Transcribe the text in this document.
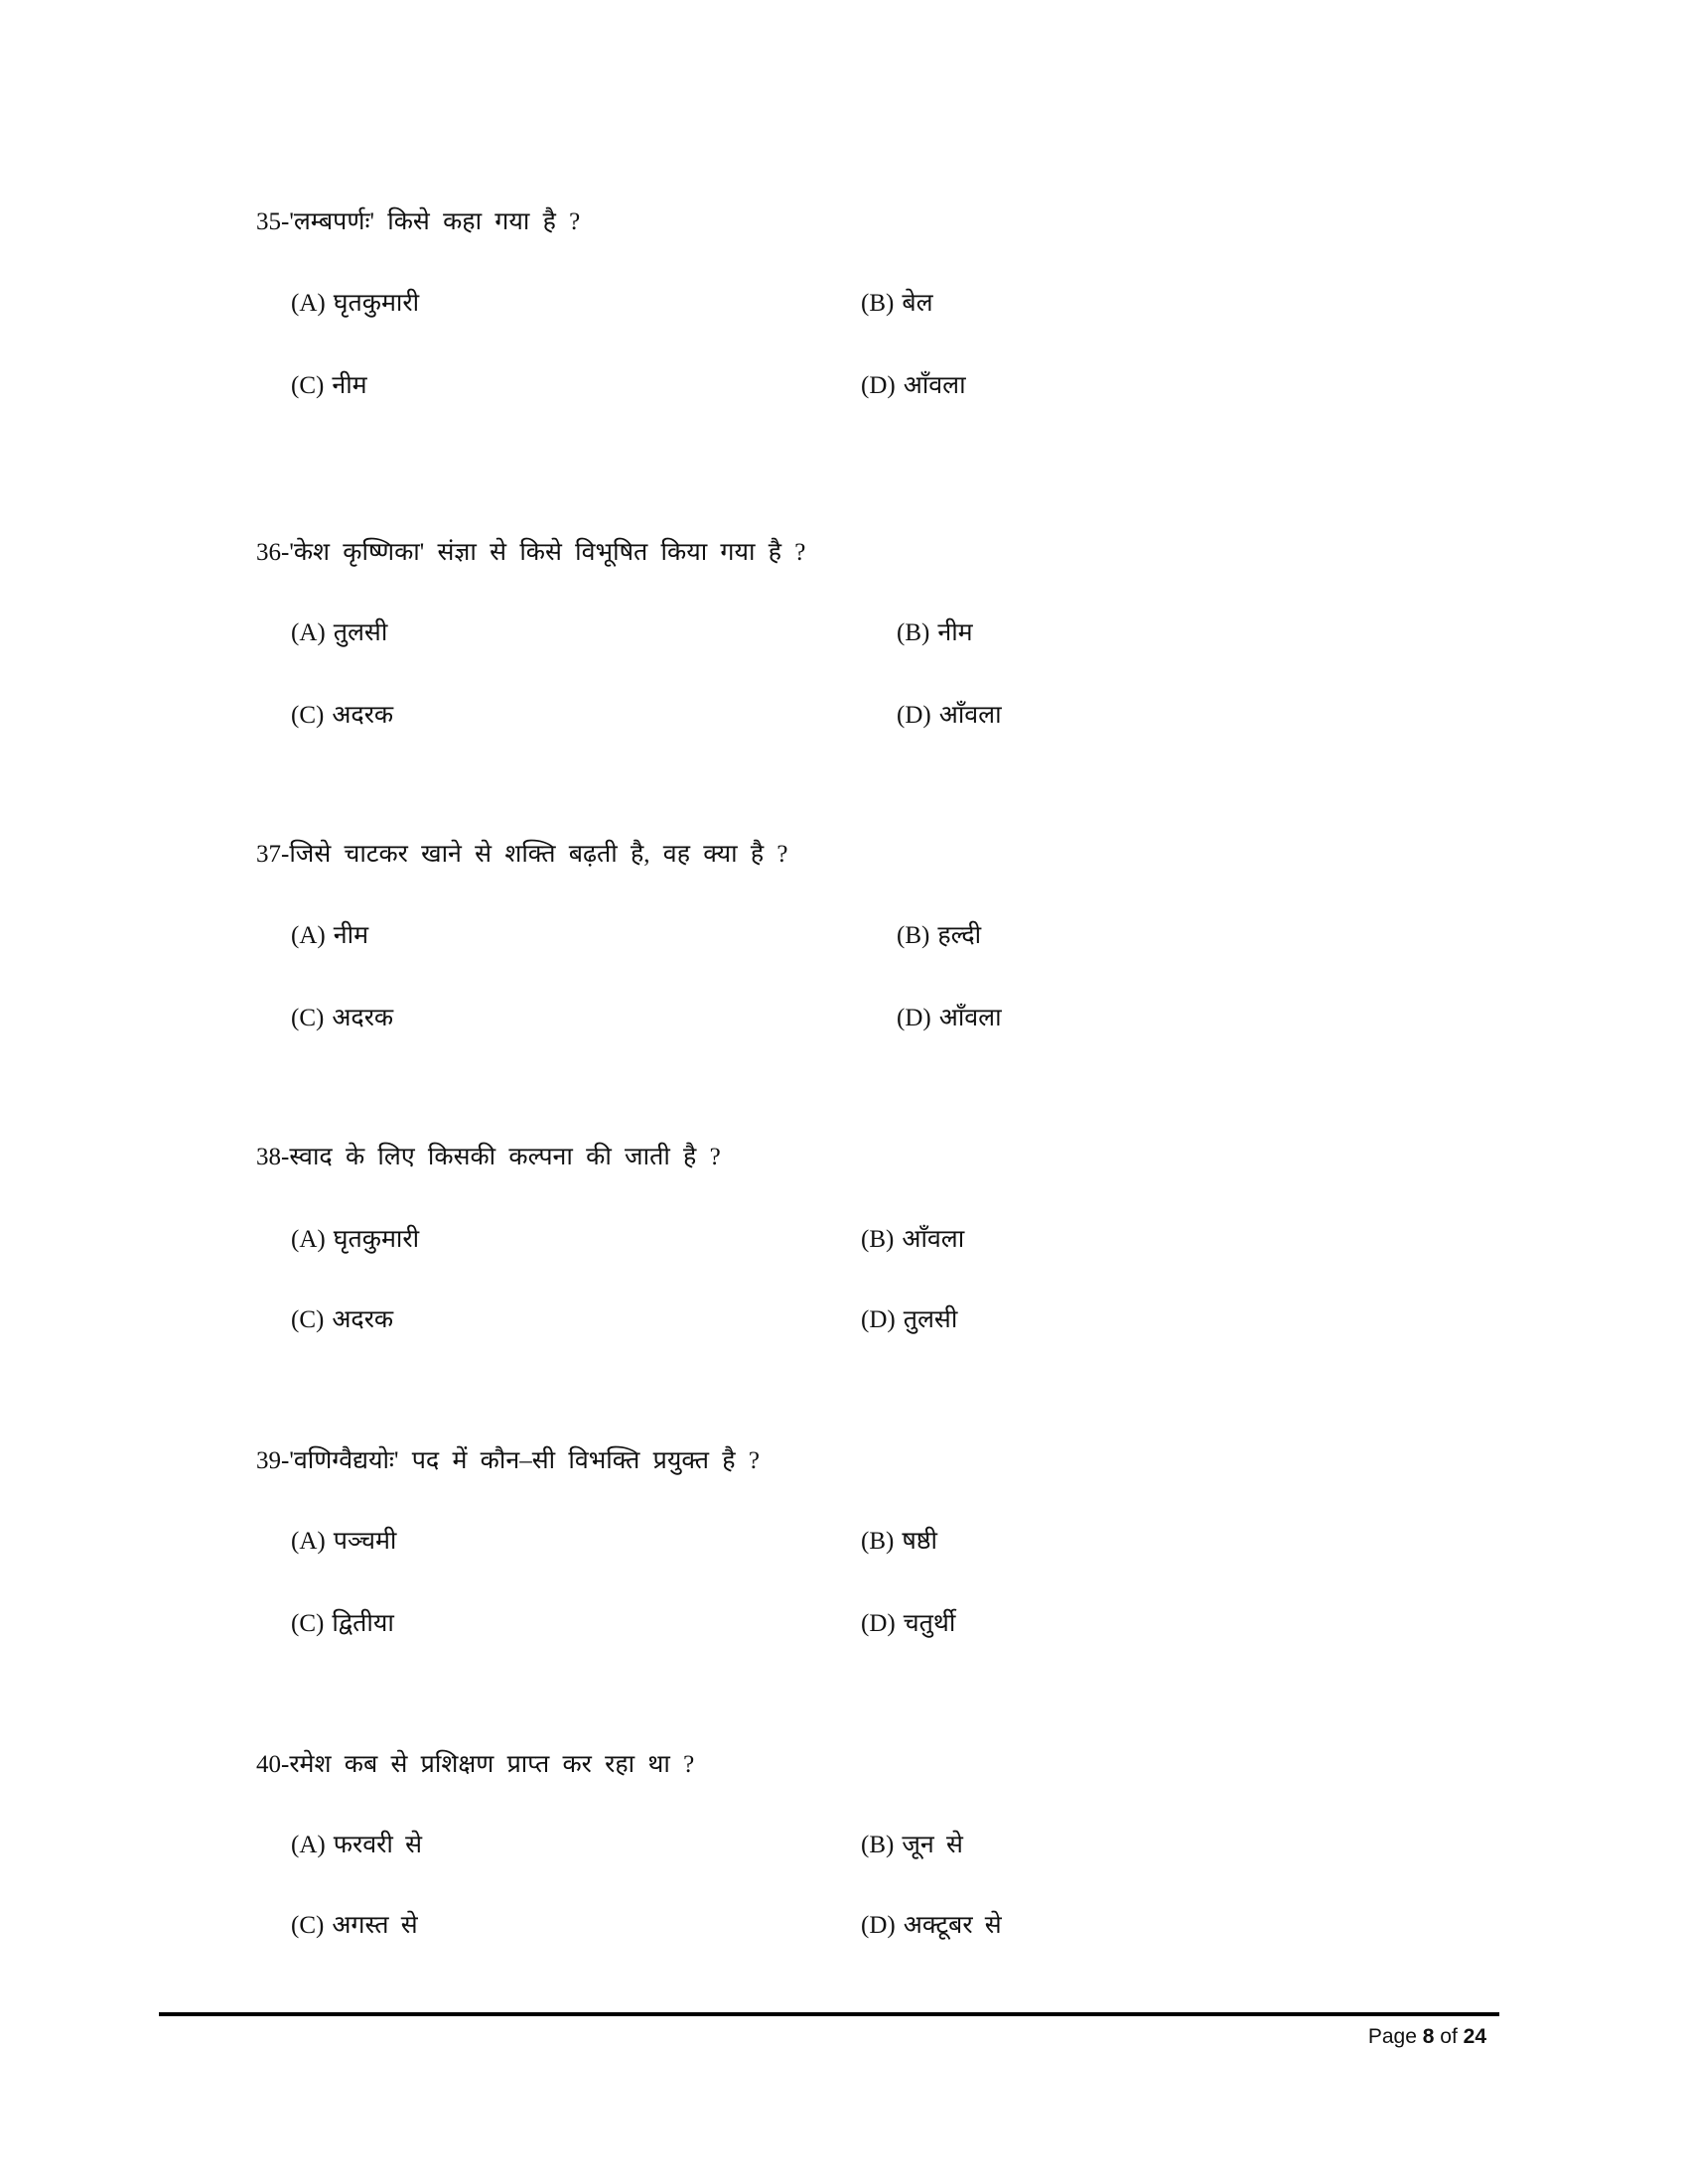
35-'लम्बपर्णः' किसे कहा गया है ?
(A) घृतकुमारी	(B) बेल
(C) नीम	(D) आँवला
36-'केश कृष्णिका' संज्ञा से किसे विभूषित किया गया है ?
(A) तुलसी	(B) नीम
(C) अदरक	(D) आँवला
37-जिसे चाटकर खाने से शक्ति बढ़ती है, वह क्या है ?
(A) नीम	(B) हल्दी
(C) अदरक	(D) आँवला
38-स्वाद के लिए किसकी कल्पना की जाती है ?
(A) घृतकुमारी	(B) आँवला
(C) अदरक	(D) तुलसी
39-'वणिग्वैद्ययोः' पद में कौन–सी विभक्ति प्रयुक्त है ?
(A) पञ्चमी	(B) षष्ठी
(C) द्वितीया	(D) चतुर्थी
40-रमेश कब से प्रशिक्षण प्राप्त कर रहा था ?
(A) फरवरी से	(B) जून से
(C) अगस्त से	(D) अक्टूबर से
Page 8 of 24
